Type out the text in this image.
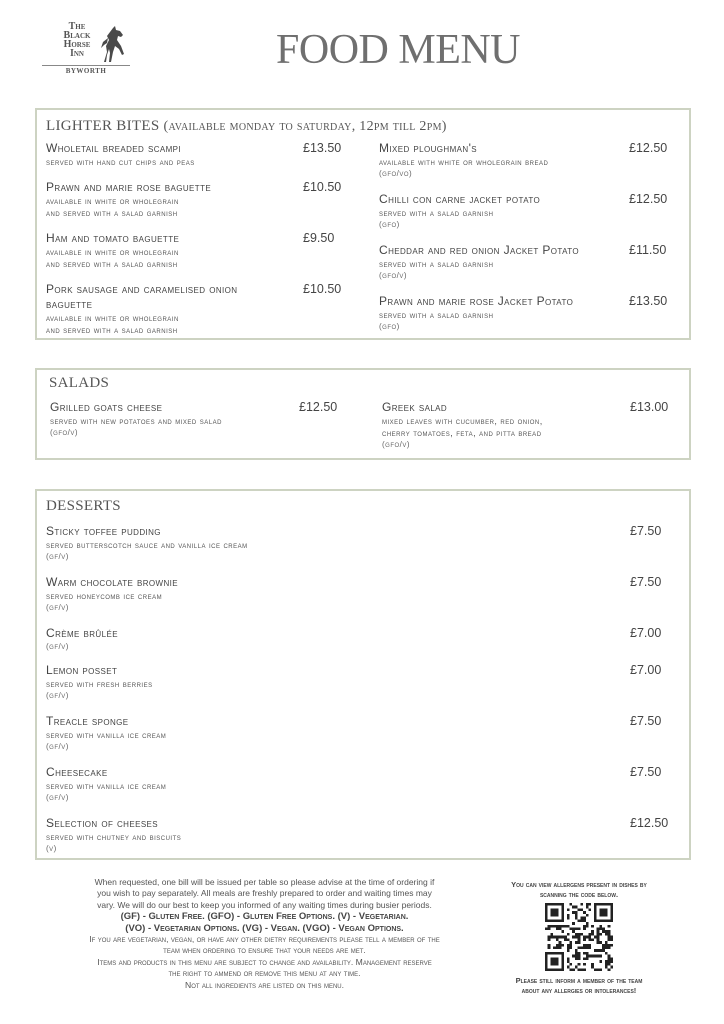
The
Black
Horse
Inn
BYWORTH	FOOD MENU
LIGHTER BITES (available monday to saturday, 12pm till 2pm)
Wholetail breaded scampi
served with hand cut chips and peas
£13.50
Prawn and marie rose baguette
available in white or wholegrain
and served with a salad garnish
£10.50
Ham and tomato baguette
available in white or wholegrain
and served with a salad garnish
£9.50
Pork sausage and caramelised onion
baguette
available in white or wholegrain
and served with a salad garnish
£10.50
Mixed ploughman's
available with white or wholegrain bread
(gfo/vo)
£12.50
Chilli con carne jacket potato
served with a salad garnish
(gfo)
£12.50
Cheddar and red onion Jacket Potato
served with a salad garnish
(gfo/v)
£11.50
Prawn and marie rose Jacket Potato
served with a salad garnish
(gfo)
£13.50
SALADS
Grilled goats cheese
served with new potatoes and mixed salad
(gfo/v)
£12.50	Greek salad
mixed leaves with cucumber, red onion,
cherry tomatoes, feta, and pitta bread
(gfo/v)
£13.00
DESSERTS
Sticky toffee pudding
served butterscotch sauce and vanilla ice cream
(gf/v)
£7.50
Warm chocolate brownie
served honeycomb ice cream
(gf/v)
£7.50
Crème brûlée
(gf/v)
£7.00
Lemon posset
served with fresh berries
(gf/v)
£7.00
Treacle sponge
served with vanilla ice cream
(gf/v)
£7.50
Cheesecake
served with vanilla ice cream
(gf/v)
£7.50
Selection of cheeses
served with chutney and biscuits
(v)
£12.50
When requested, one bill will be issued per table so please advise at the time of ordering if
you wish to pay separately. All meals are freshly prepared to order and waiting times may
vary. We will do our best to keep you informed of any waiting times during busier periods.
(GF) - Gluten Free. (GFO) - Gluten Free Options. (V) - Vegetarian.
(VO) - Vegetarian Options. (VG) - Vegan. (VGO) - Vegan Options.
If you are vegetarian, vegan, or have any other dietry requirements please tell a member of the
team when ordering to ensure that your needs are met.
Items and products in this menu are subject to change and availability. Management reserve
the right to ammend or remove this menu at any time.
Not all ingredients are listed on this menu.
You can view allergens present in dishes by
scanning the code below.
Please still inform a member of the team
about any allergies or intolerances!
